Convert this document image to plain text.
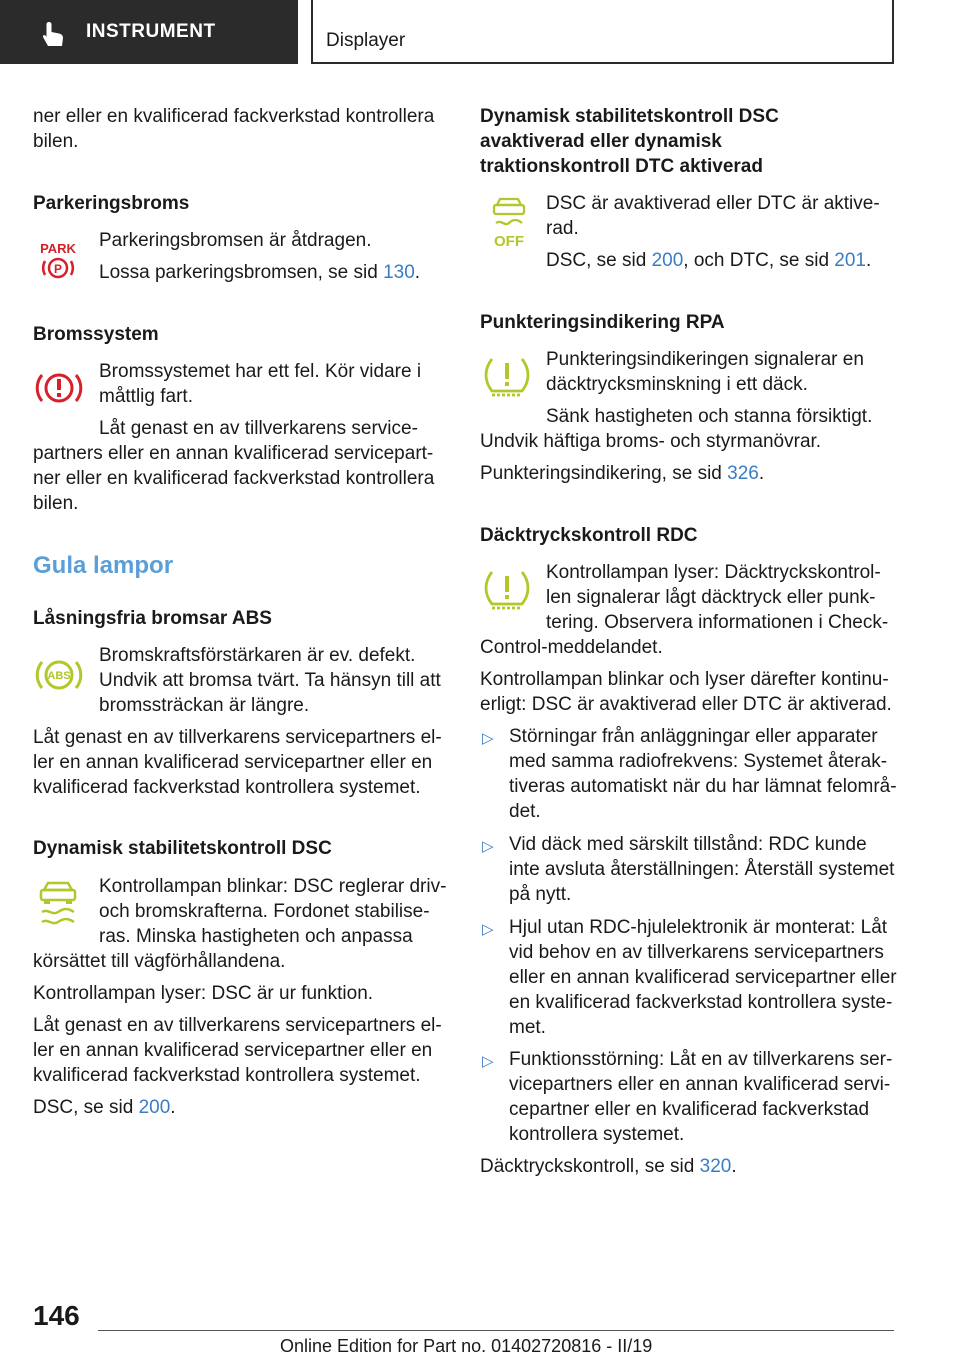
INSTRUMENT	Displayer

ner eller en kvalificerad fackverkstad kontrollera

bilen.

Parkeringsbroms

PARK
P

Parkeringsbromsen är åtdragen.

Lossa parkeringsbromsen, se sid 130.

Bromssystem

Bromssystemet har ett fel. Kör vidare i

måttlig fart.

Låt genast en av tillverkarens service-

partners eller en annan kvalificerad servicepart-

ner eller en kvalificerad fackverkstad kontrollera

bilen.

Gula lampor

Låsningsfria bromsar ABS

ABS

Bromskraftsförstärkaren är ev. defekt.

Undvik att bromsa tvärt. Ta hänsyn till att

bromssträckan är längre.

Låt genast en av tillverkarens servicepartners el-

ler en annan kvalificerad servicepartner eller en

kvalificerad fackverkstad kontrollera systemet.

Dynamisk stabilitetskontroll DSC

Kontrollampan blinkar: DSC reglerar driv-

och bromskrafterna. Fordonet stabilise-

ras. Minska hastigheten och anpassa

körsättet till vägförhållandena.

Kontrollampan lyser: DSC är ur funktion.

Låt genast en av tillverkarens servicepartners el-

ler en annan kvalificerad servicepartner eller en

kvalificerad fackverkstad kontrollera systemet.

DSC, se sid 200.

Dynamisk stabilitetskontroll DSC

avaktiverad eller dynamisk

traktionskontroll DTC aktiverad

OFF

DSC är avaktiverad eller DTC är aktive-

rad.

DSC, se sid 200, och DTC, se sid 201.

Punkteringsindikering RPA

Punkteringsindikeringen signalerar en

däcktrycksminskning i ett däck.

Sänk hastigheten och stanna försiktigt.

Undvik häftiga broms- och styrmanövrar.

Punkteringsindikering, se sid 326.

Däcktryckskontroll RDC

Kontrollampan lyser: Däcktryckskontrol-

len signalerar lågt däcktryck eller punk-

tering. Observera informationen i Check-

Control-meddelandet.

Kontrollampan blinkar och lyser därefter kontinu-

erligt: DSC är avaktiverad eller DTC är aktiverad.

▷ Störningar från anläggningar eller apparater

med samma radiofrekvens: Systemet återak-

tiveras automatiskt när du har lämnat felområ-

det.

▷ Vid däck med särskilt tillstånd: RDC kunde

inte avsluta återställningen: Återställ systemet

på nytt.

▷ Hjul utan RDC-hjulelektronik är monterat: Låt

vid behov en av tillverkarens servicepartners

eller en annan kvalificerad servicepartner eller

en kvalificerad fackverkstad kontrollera syste-

met.

▷ Funktionsstörning: Låt en av tillverkarens ser-

vicepartners eller en annan kvalificerad servi-

cepartner eller en kvalificerad fackverkstad

kontrollera systemet.

Däcktryckskontroll, se sid 320.

146
Online Edition for Part no. 01402720816 - II/19
